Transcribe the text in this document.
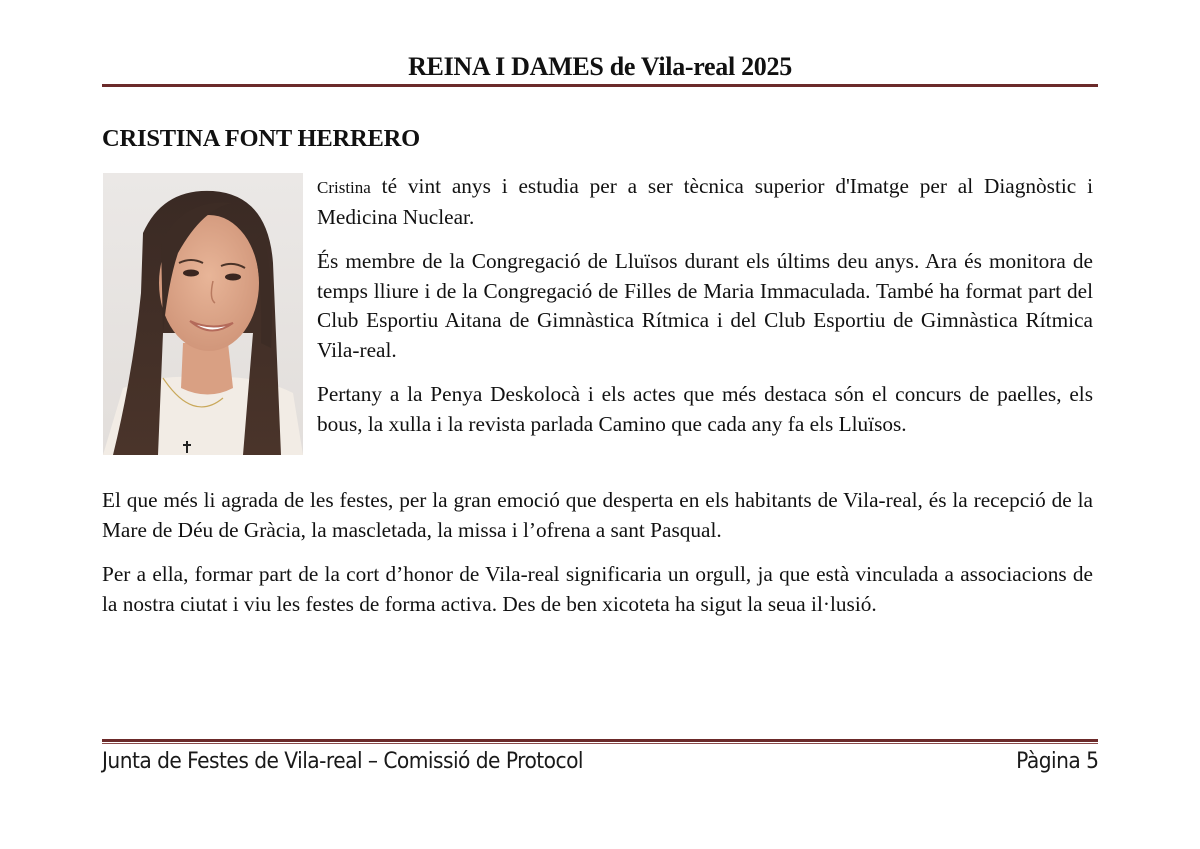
REINA I DAMES de Vila-real 2025
CRISTINA FONT HERRERO

Cristina té vint anys i estudia per a ser tècnica superior d'Imatge per al Diagnòstic i Medicina Nuclear.

És membre de la Congregació de Lluïsos durant els últims deu anys. Ara és monitora de temps lliure i de la Congregació de Filles de Maria Immaculada. També ha format part del Club Esportiu Aitana de Gimnàstica Rítmica i del Club Esportiu de Gimnàstica Rítmica Vila-real.

Pertany a la Penya Deskolocà i els actes que més destaca són el concurs de paelles, els bous, la xulla i la revista parlada Camino que cada any fa els Lluïsos.

El que més li agrada de les festes, per la gran emoció que desperta en els habitants de Vila-real, és la recepció de la Mare de Déu de Gràcia, la mascletada, la missa i l’ofrena a sant Pasqual.

Per a ella, formar part de la cort d’honor de Vila-real significaria un orgull, ja que està vinculada a associacions de la nostra ciutat i viu les festes de forma activa. Des de ben xicoteta ha sigut la seua il·lusió.

Junta de Festes de Vila-real – Comissió de Protocol	Pàgina 5
